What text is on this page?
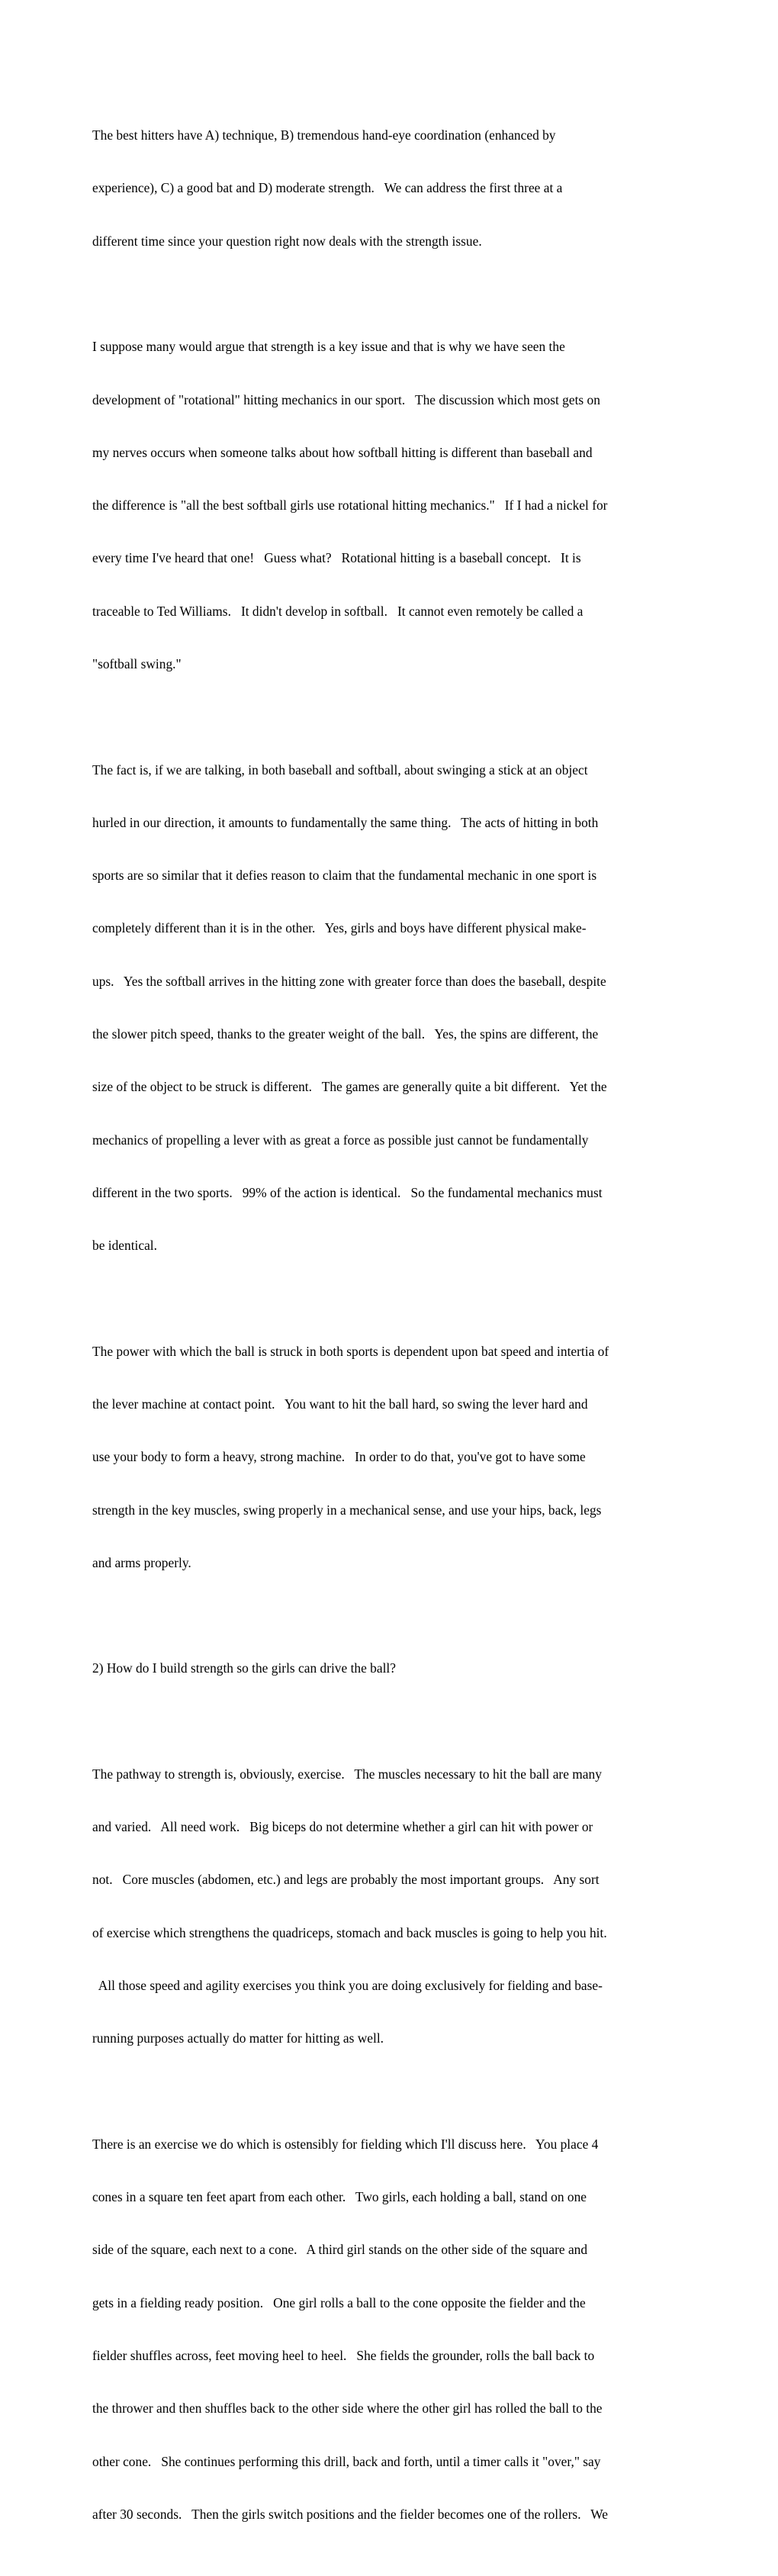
The best hitters have A) technique, B) tremendous hand-eye coordination (enhanced by

experience), C) a good bat and D) moderate strength.   We can address the first three at a

different time since your question right now deals with the strength issue.

I suppose many would argue that strength is a key issue and that is why we have seen the

development of "rotational" hitting mechanics in our sport.   The discussion which most gets on

my nerves occurs when someone talks about how softball hitting is different than baseball and

the difference is "all the best softball girls use rotational hitting mechanics."   If I had a nickel for

every time I've heard that one!   Guess what?   Rotational hitting is a baseball concept.   It is

traceable to Ted Williams.   It didn't develop in softball.   It cannot even remotely be called a

"softball swing."

The fact is, if we are talking, in both baseball and softball, about swinging a stick at an object

hurled in our direction, it amounts to fundamentally the same thing.   The acts of hitting in both

sports are so similar that it defies reason to claim that the fundamental mechanic in one sport is

completely different than it is in the other.   Yes, girls and boys have different physical make-

ups.   Yes the softball arrives in the hitting zone with greater force than does the baseball, despite

the slower pitch speed, thanks to the greater weight of the ball.   Yes, the spins are different, the

size of the object to be struck is different.   The games are generally quite a bit different.   Yet the

mechanics of propelling a lever with as great a force as possible just cannot be fundamentally

different in the two sports.   99% of the action is identical.   So the fundamental mechanics must

be identical.

The power with which the ball is struck in both sports is dependent upon bat speed and intertia of

the lever machine at contact point.   You want to hit the ball hard, so swing the lever hard and

use your body to form a heavy, strong machine.   In order to do that, you've got to have some

strength in the key muscles, swing properly in a mechanical sense, and use your hips, back, legs

and arms properly.

2) How do I build strength so the girls can drive the ball?

The pathway to strength is, obviously, exercise.   The muscles necessary to hit the ball are many

and varied.   All need work.   Big biceps do not determine whether a girl can hit with power or

not.   Core muscles (abdomen, etc.) and legs are probably the most important groups.   Any sort

of exercise which strengthens the quadriceps, stomach and back muscles is going to help you hit.

All those speed and agility exercises you think you are doing exclusively for fielding and base-

running purposes actually do matter for hitting as well.

There is an exercise we do which is ostensibly for fielding which I'll discuss here.   You place 4

cones in a square ten feet apart from each other.   Two girls, each holding a ball, stand on one

side of the square, each next to a cone.   A third girl stands on the other side of the square and

gets in a fielding ready position.   One girl rolls a ball to the cone opposite the fielder and the

fielder shuffles across, feet moving heel to heel.   She fields the grounder, rolls the ball back to

the thrower and then shuffles back to the other side where the other girl has rolled the ball to the

other cone.   She continues performing this drill, back and forth, until a timer calls it "over," say

after 30 seconds.   Then the girls switch positions and the fielder becomes one of the rollers.   We
